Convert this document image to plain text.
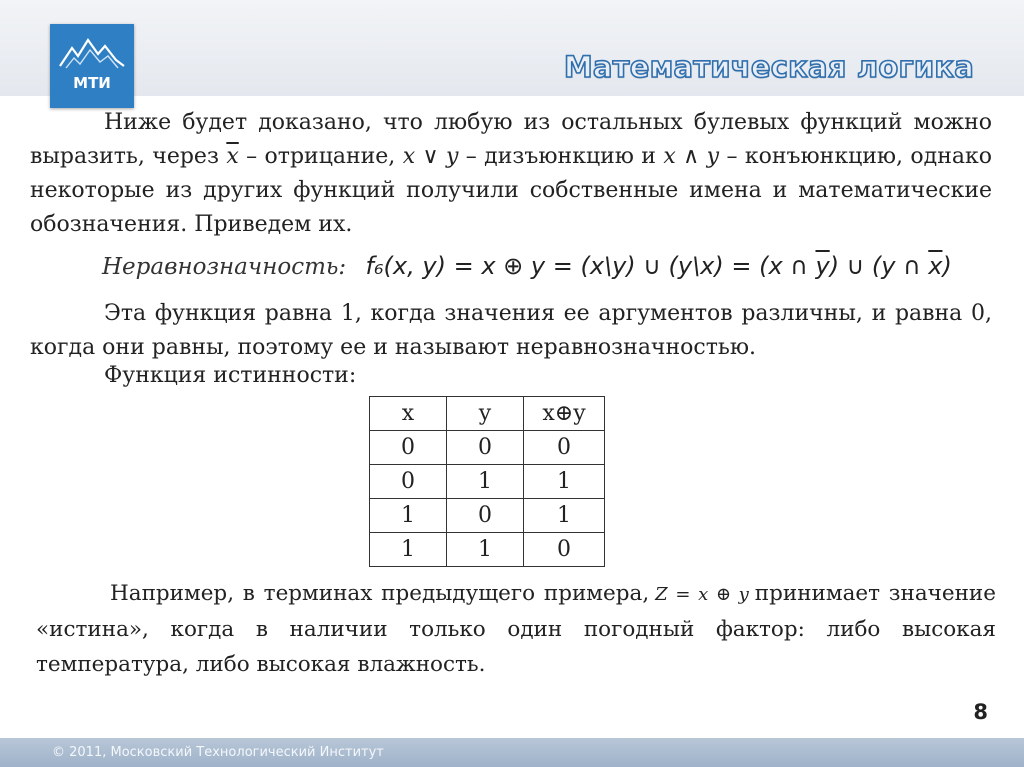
МТИ	Математическая логика
Ниже будет доказано, что любую из остальных булевых функций можно выразить, через $\overline{x}$ – отрицание, x ∨ y – дизъюнкцию и x ∧ y – конъюнкцию, однако некоторые из других функций получили собственные имена и математические обозначения. Приведем их.
Неравнозначность: f₆(x, y) = x ⊕ y = (x\y) ∪ (y\x) = (x ∩ $\overline{y}$) ∪ (y ∩ $\overline{x}$)
Эта функция равна 1, когда значения ее аргументов различны, и равна 0, когда они равны, поэтому ее и называют неравнозначностью.
Функция истинности:
x	y	x⊕y
0	0	0
0	1	1
1	0	1
1	1	0
Например, в терминах предыдущего примера, Z = x ⊕ y принимает значение «истина», когда в наличии только один погодный фактор: либо высокая температура, либо высокая влажность.
8
© 2011, Московский Технологический Институт
